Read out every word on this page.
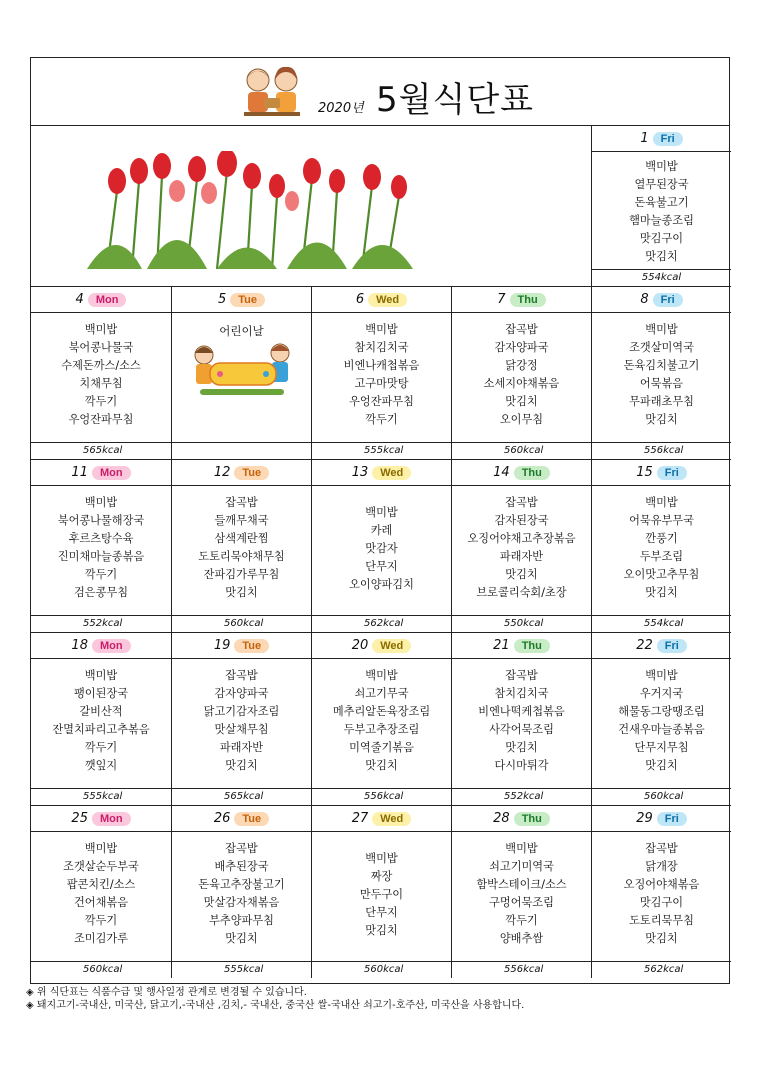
2020년 5월식단표
1	Fri
백미밥
열무된장국
돈육불고기
햄마늘종조림
맛김구이
맛김치
554kcal
4	Mon
백미밥
북어콩나물국
수제돈까스/소스
치채무침
깍두기
우엉잔파무침
565kcal
5	Tue
어린이날
6	Wed
백미밥
참치김치국
비엔나캐첩볶음
고구마맛탕
우엉잔파무침
깍두기
555kcal
7	Thu
잡곡밥
감자양파국
닭강정
소세지야채볶음
맛김치
오이무침
560kcal
8	Fri
백미밥
조갯살미역국
돈육김치불고기
어묵볶음
무파래초무침
맛김치
556kcal
11	Mon
백미밥
북어콩나물해장국
후르츠탕수육
진미채마늘종볶음
깍두기
검은콩무침
552kcal
12	Tue
잡곡밥
들깨무채국
삼색계란찜
도토리묵야채무침
잔파김가루무침
맛김치
560kcal
13	Wed
백미밥
카레
맛감자
단무지
오이양파김치
562kcal
14	Thu
잡곡밥
감자된장국
오징어야채고추장볶음
파래자반
맛김치
브로콜리숙회/초장
550kcal
15	Fri
백미밥
어묵유부무국
깐풍기
두부조림
오이맛고추무침
맛김치
554kcal
18	Mon
백미밥
팽이된장국
갈비산적
잔멸치파리고추볶음
깍두기
깻잎지
555kcal
19	Tue
잡곡밥
감자양파국
닭고기감자조림
맛살채무침
파래자반
맛김치
565kcal
20	Wed
백미밥
쇠고기무국
메추리알돈육장조림
두부고추장조림
미역줄기볶음
맛김치
556kcal
21	Thu
잡곡밥
참치김치국
비엔나떡케첩볶음
사각어묵조림
맛김치
다시마튀각
552kcal
22	Fri
백미밥
우거지국
해물동그랑땡조림
건새우마늘종볶음
단무지무침
맛김치
560kcal
25	Mon
백미밥
조갯살순두부국
팝콘치킨/소스
건어채볶음
깍두기
조미김가루
560kcal
26	Tue
잡곡밥
배추된장국
돈육고추장불고기
맛살감자채볶음
부추양파무침
맛김치
555kcal
27	Wed
백미밥
짜장
만두구이
단무지
맛김치
560kcal
28	Thu
백미밥
쇠고기미역국
함박스테이크/소스
구멍어묵조림
깍두기
양배추쌈
556kcal
29	Fri
잡곡밥
닭개장
오징어야채볶음
맛김구이
도토리묵무침
맛김치
562kcal
◈ 위 식단표는 식품수급 및 행사일정 관계로 변경될 수 있습니다.
◈ 돼지고기-국내산, 미국산, 닭고기,-국내산 ,김치,- 국내산, 중국산 쌀-국내산 쇠고기-호주산, 미국산을 사용합니다.
